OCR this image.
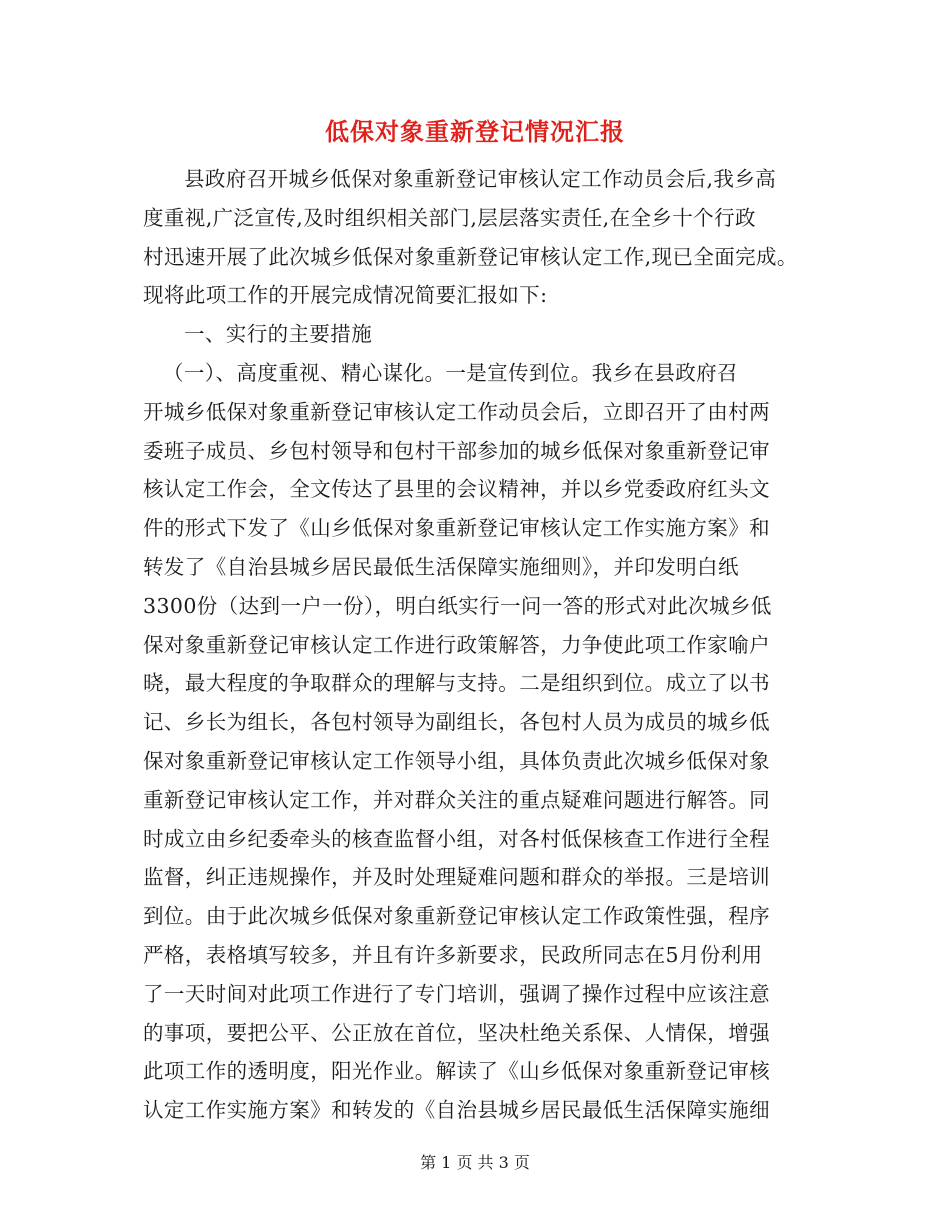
低保对象重新登记情况汇报
县政府召开城乡低保对象重新登记审核认定工作动员会后,我乡高
度重视,广泛宣传,及时组织相关部门,层层落实责任,在全乡十个行政
村迅速开展了此次城乡低保对象重新登记审核认定工作,现已全面完成。
现将此项工作的开展完成情况简要汇报如下:
一、实行的主要措施
（一）、高度重视、精心谋化。一是宣传到位。我乡在县政府召
开城乡低保对象重新登记审核认定工作动员会后，立即召开了由村两
委班子成员、乡包村领导和包村干部参加的城乡低保对象重新登记审
核认定工作会，全文传达了县里的会议精神，并以乡党委政府红头文
件的形式下发了《山乡低保对象重新登记审核认定工作实施方案》和
转发了《自治县城乡居民最低生活保障实施细则》，并印发明白纸
3300份（达到一户一份），明白纸实行一问一答的形式对此次城乡低
保对象重新登记审核认定工作进行政策解答，力争使此项工作家喻户
晓，最大程度的争取群众的理解与支持。二是组织到位。成立了以书
记、乡长为组长，各包村领导为副组长，各包村人员为成员的城乡低
保对象重新登记审核认定工作领导小组，具体负责此次城乡低保对象
重新登记审核认定工作，并对群众关注的重点疑难问题进行解答。同
时成立由乡纪委牵头的核查监督小组，对各村低保核查工作进行全程
监督，纠正违规操作，并及时处理疑难问题和群众的举报。三是培训
到位。由于此次城乡低保对象重新登记审核认定工作政策性强，程序
严格，表格填写较多，并且有许多新要求，民政所同志在5月份利用
了一天时间对此项工作进行了专门培训，强调了操作过程中应该注意
的事项，要把公平、公正放在首位，坚决杜绝关系保、人情保，增强
此项工作的透明度，阳光作业。解读了《山乡低保对象重新登记审核
认定工作实施方案》和转发的《自治县城乡居民最低生活保障实施细
第 1 页 共 3 页
